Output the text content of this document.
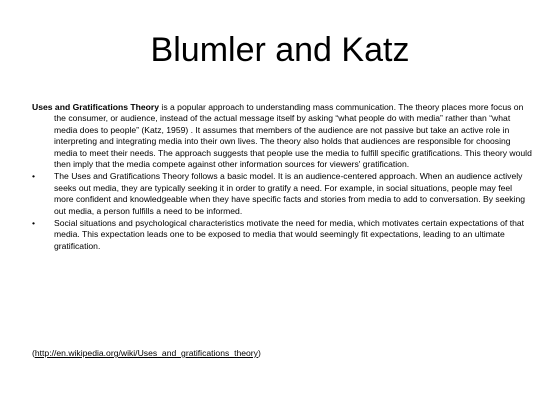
Blumler and Katz

Uses and Gratifications Theory is a popular approach to understanding mass communication. The theory places more focus on the consumer, or audience, instead of the actual message itself by asking “what people do with media” rather than “what media does to people” (Katz, 1959) . It assumes that members of the audience are not passive but take an active role in interpreting and integrating media into their own lives. The theory also holds that audiences are responsible for choosing media to meet their needs. The approach suggests that people use the media to fulfill specific gratifications. This theory would then imply that the media compete against other information sources for viewers' gratification.

• The Uses and Gratifications Theory follows a basic model. It is an audience-centered approach. When an audience actively seeks out media, they are typically seeking it in order to gratify a need. For example, in social situations, people may feel more confident and knowledgeable when they have specific facts and stories from media to add to conversation. By seeking out media, a person fulfills a need to be informed.
• Social situations and psychological characteristics motivate the need for media, which motivates certain expectations of that media. This expectation leads one to be exposed to media that would seemingly fit expectations, leading to an ultimate gratification.
(http://en.wikipedia.org/wiki/Uses_and_gratifications_theory)
